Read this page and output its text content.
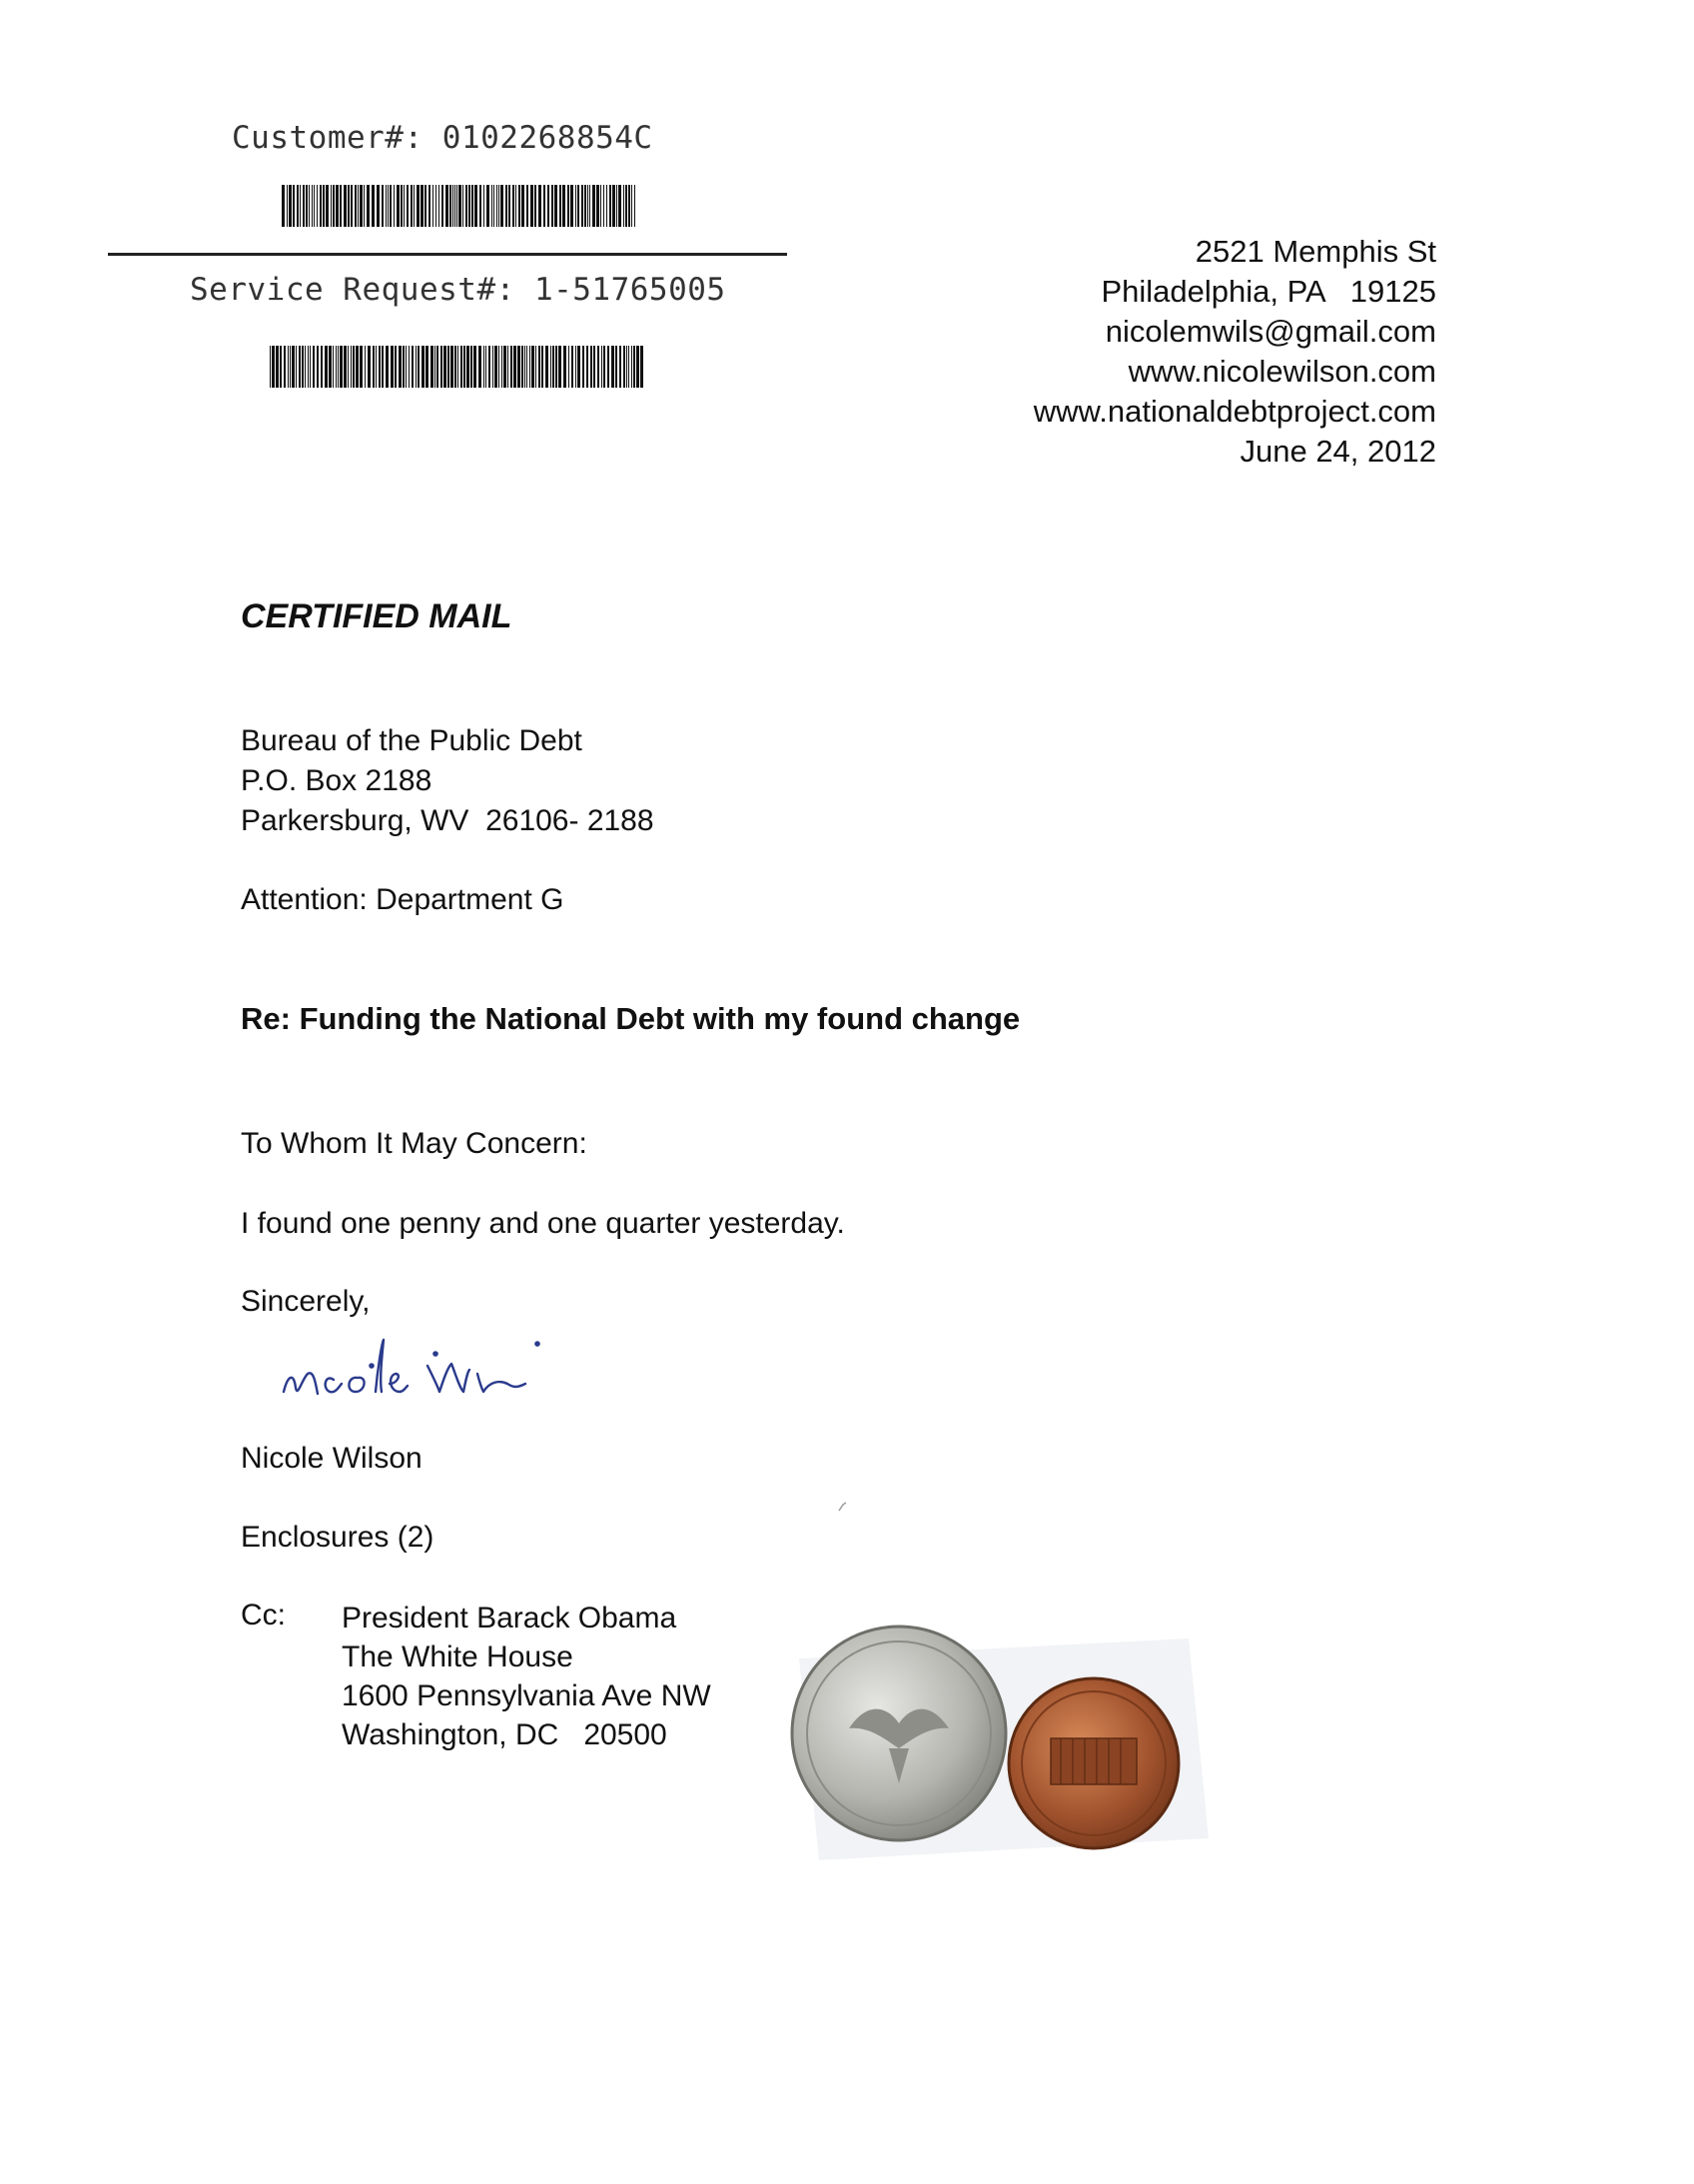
Customer#: 0102268854C
Service Request#: 1-51765005
2521 Memphis St
Philadelphia, PA   19125
nicolemwils@gmail.com
www.nicolewilson.com
www.nationaldebtproject.com
June 24, 2012
CERTIFIED MAIL
Bureau of the Public Debt
P.O. Box 2188
Parkersburg, WV  26106- 2188
Attention: Department G
Re: Funding the National Debt with my found change
To Whom It May Concern:
I found one penny and one quarter yesterday.
Sincerely,
Nicole Wilson
Enclosures (2)
Cc: President Barack Obama
The White House
1600 Pennsylvania Ave NW
Washington, DC   20500
